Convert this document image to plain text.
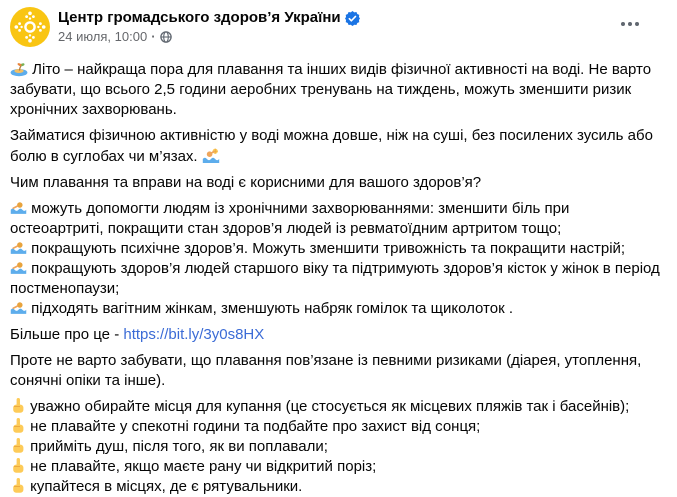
Центр громадського здоров’я України
24 июля, 10:00 ·

Літо – найкраща пора для плавання та інших видів фізичної активності на воді. Не варто забувати, що всього 2,5 години аеробних тренувань на тиждень, можуть зменшити ризик хронічних захворювань.

Займатися фізичною активністю у воді можна довше, ніж на суші, без посилених зусиль або болю в суглобах чи м’язах.

Чим плавання та вправи на воді є корисними для вашого здоров’я?

можуть допомогти людям із хронічними захворюваннями: зменшити біль при остеоартриті, покращити стан здоров’я людей із ревматоїдним артритом тощо;

покращують психічне здоров’я. Можуть зменшити тривожність та покращити настрій;

покращують здоров’я людей старшого віку та підтримують здоров’я кісток у жінок в період постменопаузи;

підходять вагітним жінкам, зменшують набряк гомілок та щиколоток .

Більше про це - https://bit.ly/3y0s8HX

Проте не варто забувати, що плавання пов’язане із певними ризиками (діарея, утоплення, сонячні опіки та інше).

уважно обирайте місця для купання (це стосується як місцевих пляжів так і басейнів);

не плавайте у спекотні години та подбайте про захист від сонця;

прийміть душ, після того, як ви поплавали;

не плавайте, якщо маєте рану чи відкритий поріз;

купайтеся в місцях, де є рятувальники.
